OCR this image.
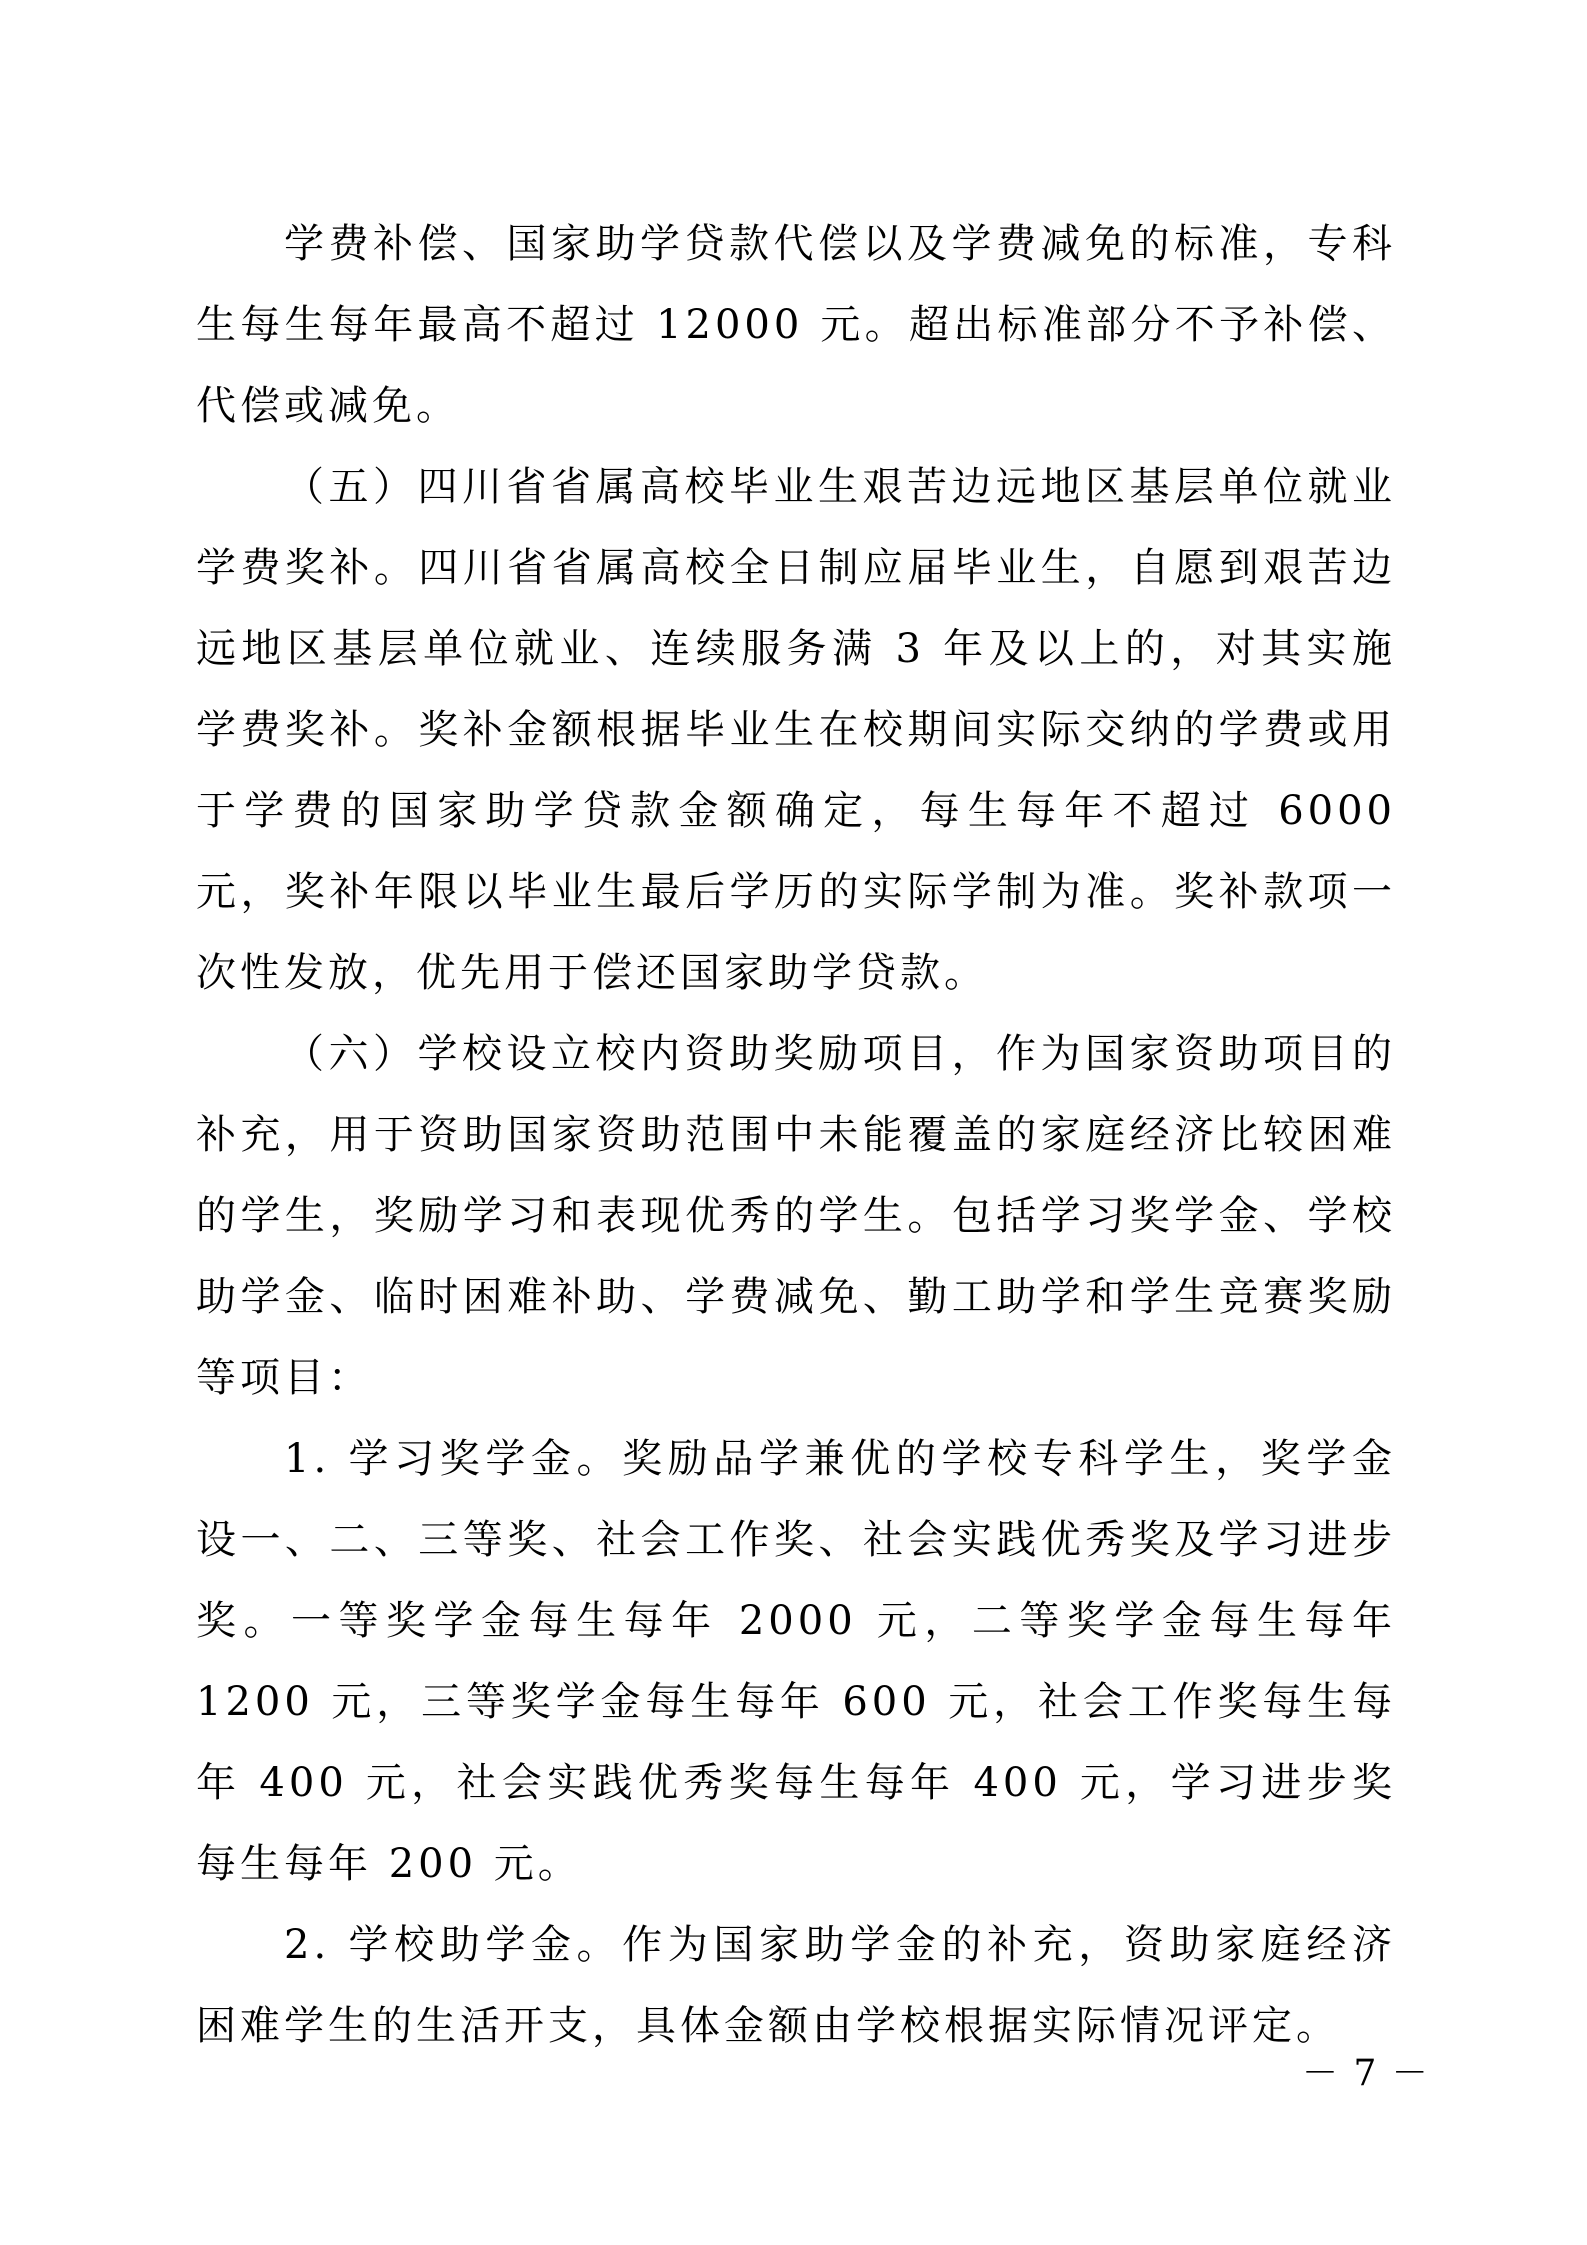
学费补偿、国家助学贷款代偿以及学费减免的标准，专科生每生每年最高不超过 12000 元。超出标准部分不予补偿、代偿或减免。

（五）四川省省属高校毕业生艰苦边远地区基层单位就业学费奖补。四川省省属高校全日制应届毕业生，自愿到艰苦边远地区基层单位就业、连续服务满 3 年及以上的，对其实施学费奖补。奖补金额根据毕业生在校期间实际交纳的学费或用于学费的国家助学贷款金额确定，每生每年不超过 6000 元，奖补年限以毕业生最后学历的实际学制为准。奖补款项一次性发放，优先用于偿还国家助学贷款。

（六）学校设立校内资助奖励项目，作为国家资助项目的补充，用于资助国家资助范围中未能覆盖的家庭经济比较困难的学生，奖励学习和表现优秀的学生。包括学习奖学金、学校助学金、临时困难补助、学费减免、勤工助学和学生竞赛奖励等项目：

1. 学习奖学金。奖励品学兼优的学校专科学生，奖学金设一、二、三等奖、社会工作奖、社会实践优秀奖及学习进步奖。一等奖学金每生每年 2000 元，二等奖学金每生每年 1200 元，三等奖学金每生每年 600 元，社会工作奖每生每年 400 元，社会实践优秀奖每生每年 400 元，学习进步奖每生每年 200 元。

2. 学校助学金。作为国家助学金的补充，资助家庭经济困难学生的生活开支，具体金额由学校根据实际情况评定。

－ 7 －
